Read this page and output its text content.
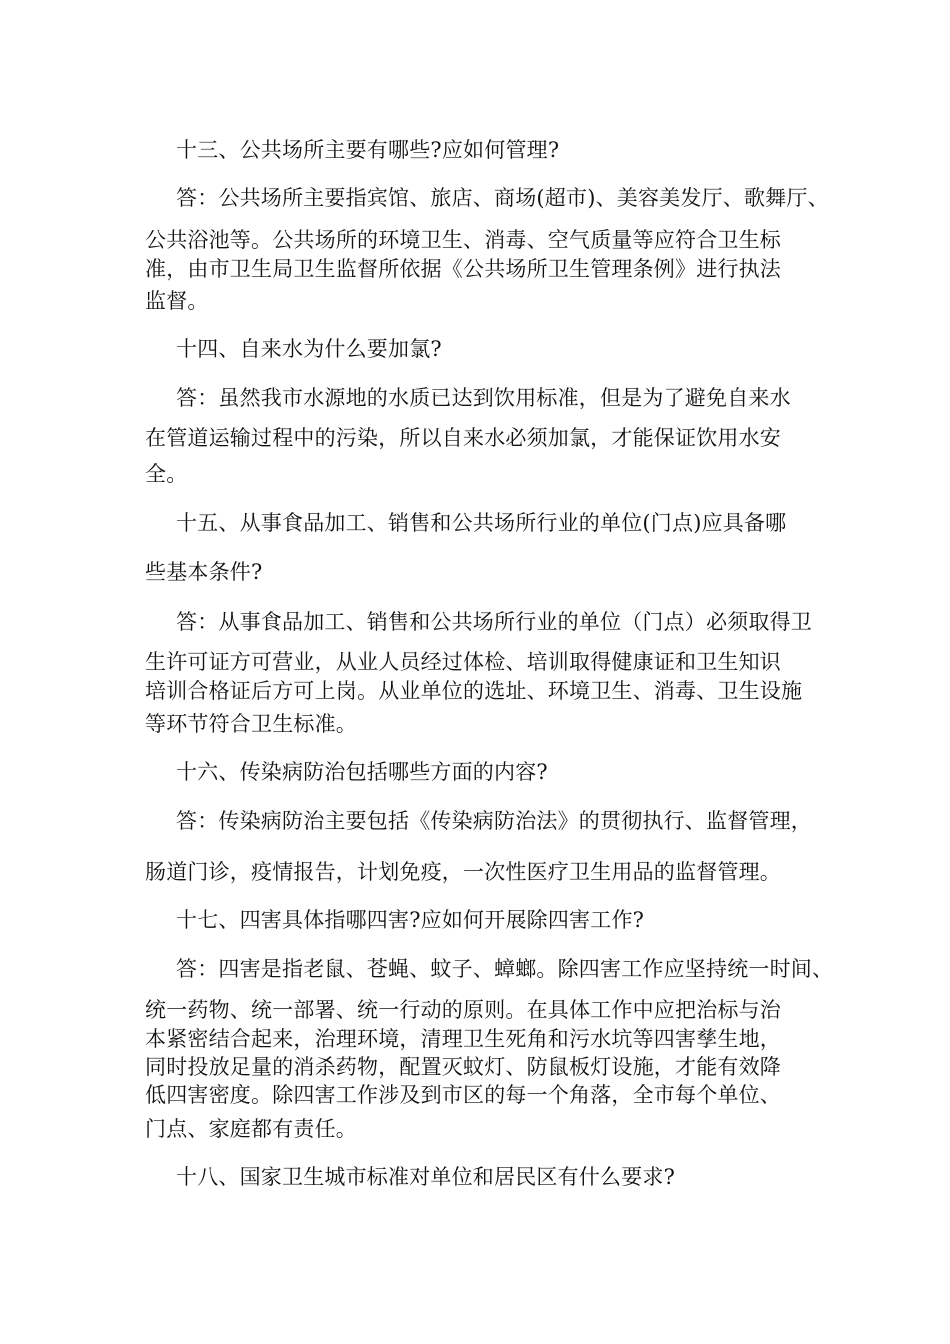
十三、公共场所主要有哪些?应如何管理?
答：公共场所主要指宾馆、旅店、商场(超市)、美容美发厅、歌舞厅、
公共浴池等。公共场所的环境卫生、消毒、空气质量等应符合卫生标
准，由市卫生局卫生监督所依据《公共场所卫生管理条例》进行执法
监督。
十四、自来水为什么要加氯?
答：虽然我市水源地的水质已达到饮用标准，但是为了避免自来水
在管道运输过程中的污染，所以自来水必须加氯，才能保证饮用水安
全。
十五、从事食品加工、销售和公共场所行业的单位(门点)应具备哪
些基本条件?
答：从事食品加工、销售和公共场所行业的单位（门点）必须取得卫
生许可证方可营业，从业人员经过体检、培训取得健康证和卫生知识
培训合格证后方可上岗。从业单位的选址、环境卫生、消毒、卫生设施
等环节符合卫生标准。
十六、传染病防治包括哪些方面的内容?
答：传染病防治主要包括《传染病防治法》的贯彻执行、监督管理，
肠道门诊，疫情报告，计划免疫，一次性医疗卫生用品的监督管理。
十七、四害具体指哪四害?应如何开展除四害工作?
答：四害是指老鼠、苍蝇、蚊子、蟑螂。除四害工作应坚持统一时间、
统一药物、统一部署、统一行动的原则。在具体工作中应把治标与治
本紧密结合起来，治理环境，清理卫生死角和污水坑等四害孳生地，
同时投放足量的消杀药物，配置灭蚊灯、防鼠板灯设施，才能有效降
低四害密度。除四害工作涉及到市区的每一个角落，全市每个单位、
门点、家庭都有责任。
十八、国家卫生城市标准对单位和居民区有什么要求?
